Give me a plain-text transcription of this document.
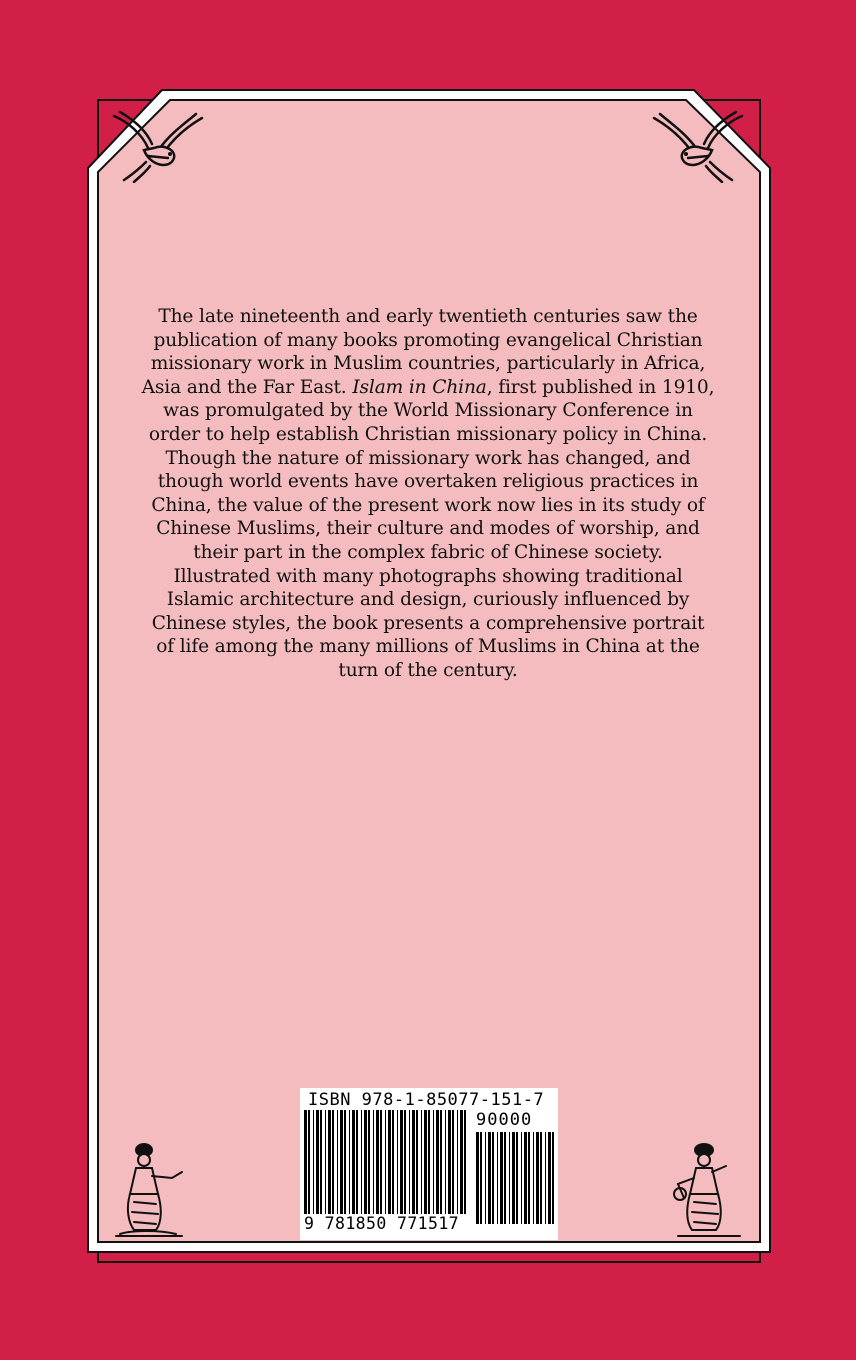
The late nineteenth and early twentieth centuries saw the publication of many books promoting evangelical Christian missionary work in Muslim countries, particularly in Africa, Asia and the Far East. Islam in China, first published in 1910, was promulgated by the World Missionary Conference in order to help establish Christian missionary policy in China.

Though the nature of missionary work has changed, and though world events have overtaken religious practices in China, the value of the present work now lies in its study of Chinese Muslims, their culture and modes of worship, and their part in the complex fabric of Chinese society.

Illustrated with many photographs showing traditional Islamic architecture and design, curiously influenced by Chinese styles, the book presents a comprehensive portrait of life among the many millions of Muslims in China at the turn of the century.

ISBN 978-1-85077-151-7
90000
9 781850 771517
